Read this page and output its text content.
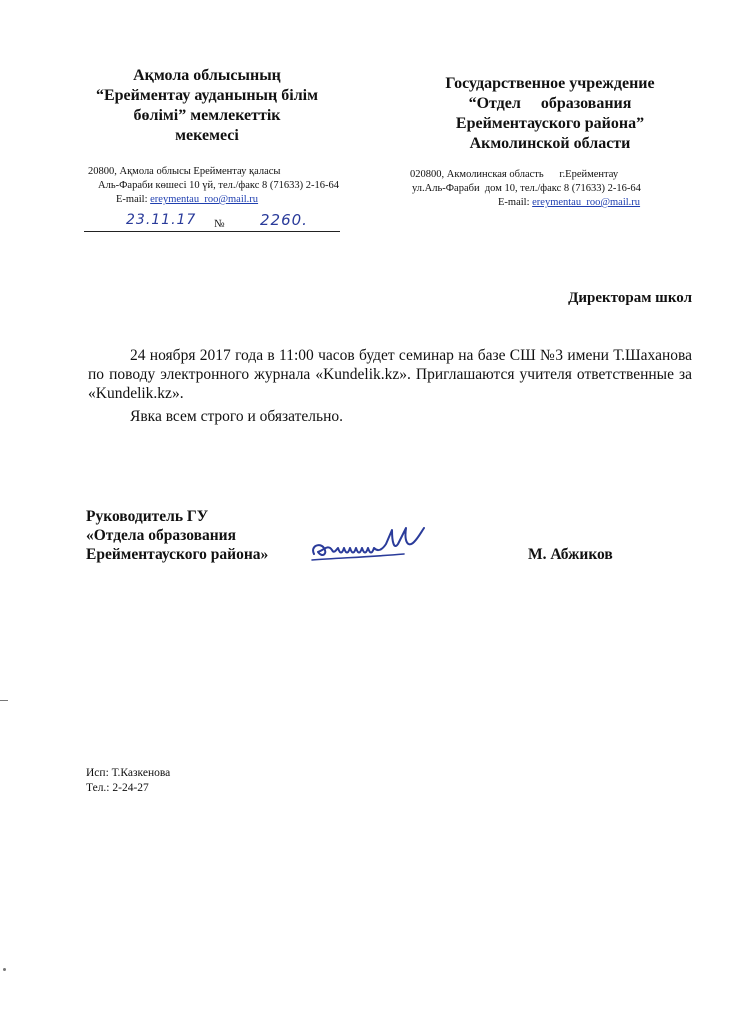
Ақмола облысының
“Ерейментау ауданының білім
бөлімі” мемлекеттік
мекемесі
20800, Ақмола облысы Ерейментау қаласы
Аль-Фараби көшесі 10 үй, тел./факс 8 (71633) 2-16-64
E-mail: ereymentau_roo@mail.ru
23.11.17 № 2260.
Государственное учреждение
“Отдел     образования
Ерейментауского района”
Акмолинской области
020800, Акмолинская область      г.Ерейментау
ул.Аль-Фараби  дом 10, тел./факс 8 (71633) 2-16-64
E-mail: ereymentau_roo@mail.ru
Директорам школ

24 ноября 2017 года в 11:00 часов будет семинар на базе СШ №3 имени Т.Шаханова по поводу электронного журнала «Kundelik.kz». Приглашаются учителя ответственные за «Kundelik.kz».

Явка всем строго и обязательно.

Руководитель ГУ
«Отдела образования
Ерейментауского района»	М. Абжиков
Исп: Т.Казкенова
Тел.: 2-24-27
